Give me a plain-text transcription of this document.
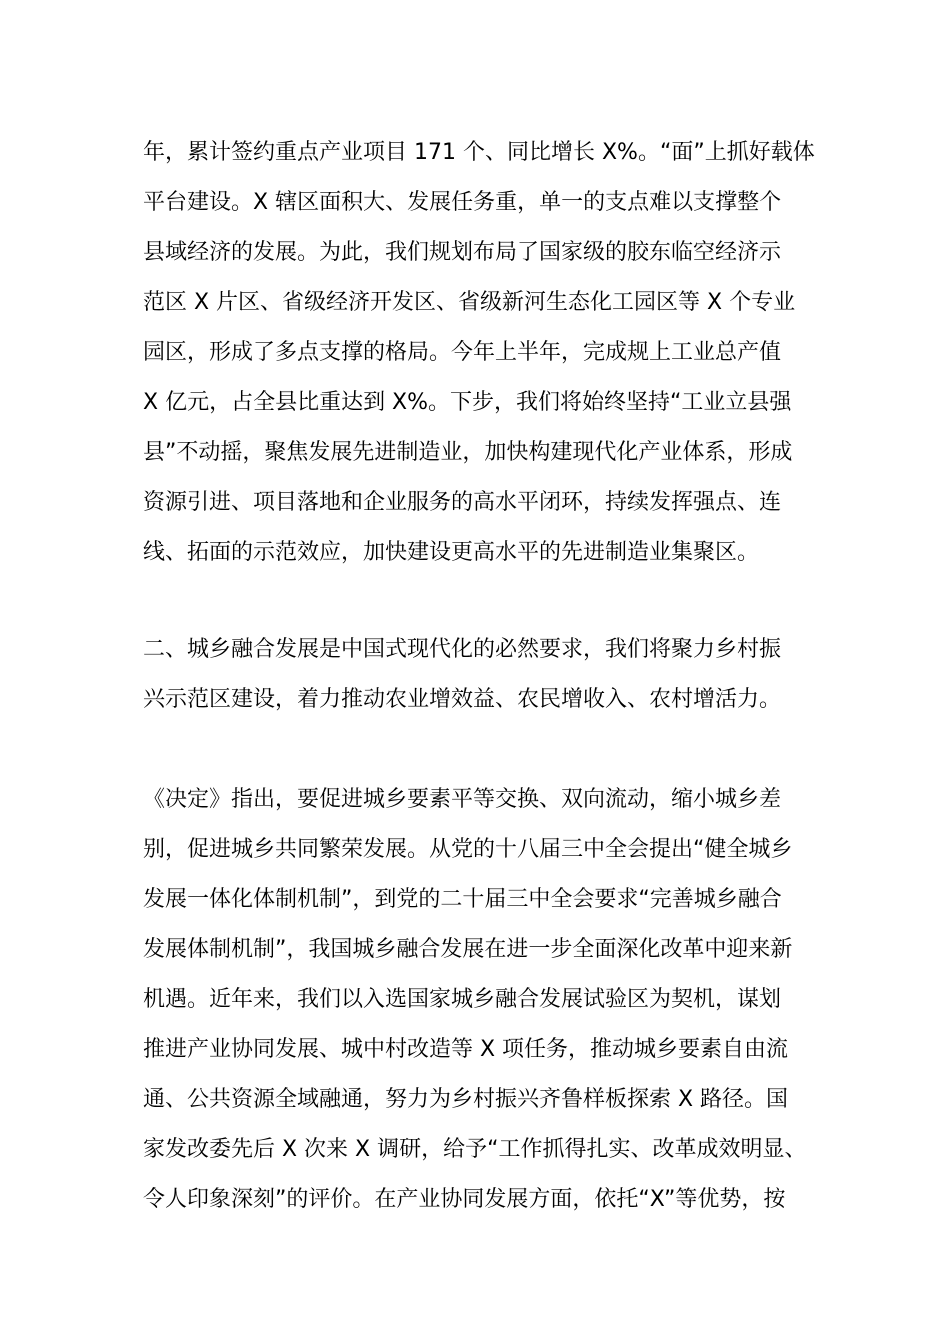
年，累计签约重点产业项目 171 个、同比增长 X%。“面”上抓好载体
平台建设。X 辖区面积大、发展任务重，单一的支点难以支撑整个
县域经济的发展。为此，我们规划布局了国家级的胶东临空经济示
范区 X 片区、省级经济开发区、省级新河生态化工园区等 X 个专业
园区，形成了多点支撑的格局。今年上半年，完成规上工业总产值
X 亿元，占全县比重达到 X%。下步，我们将始终坚持“工业立县强
县”不动摇，聚焦发展先进制造业，加快构建现代化产业体系，形成
资源引进、项目落地和企业服务的高水平闭环，持续发挥强点、连
线、拓面的示范效应，加快建设更高水平的先进制造业集聚区。
二、城乡融合发展是中国式现代化的必然要求，我们将聚力乡村振
兴示范区建设，着力推动农业增效益、农民增收入、农村增活力。
《决定》指出，要促进城乡要素平等交换、双向流动，缩小城乡差
别，促进城乡共同繁荣发展。从党的十八届三中全会提出“健全城乡
发展一体化体制机制”，到党的二十届三中全会要求“完善城乡融合
发展体制机制”，我国城乡融合发展在进一步全面深化改革中迎来新
机遇。近年来，我们以入选国家城乡融合发展试验区为契机，谋划
推进产业协同发展、城中村改造等 X 项任务，推动城乡要素自由流
通、公共资源全域融通，努力为乡村振兴齐鲁样板探索 X 路径。国
家发改委先后 X 次来 X 调研，给予“工作抓得扎实、改革成效明显、
令人印象深刻”的评价。在产业协同发展方面，依托“X”等优势，按
